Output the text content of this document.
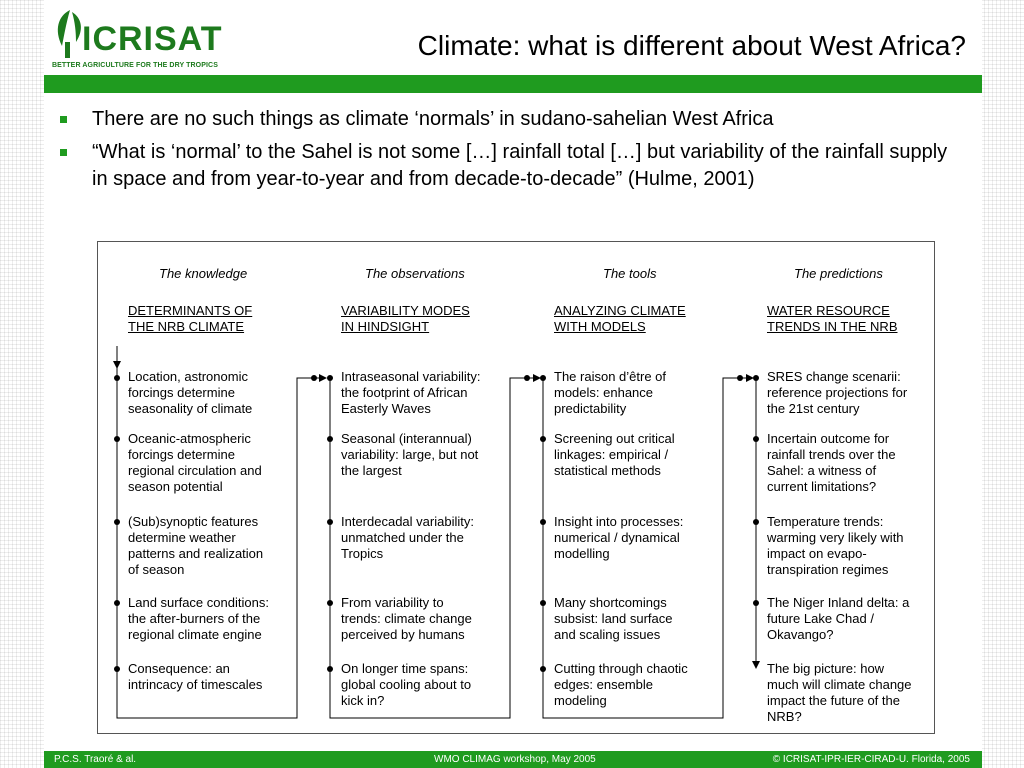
ICRISAT
BETTER AGRICULTURE FOR THE DRY TROPICS
Climate: what is different about West Africa?
There are no such things as climate ‘normals’ in sudano-sahelian West Africa
“What is ‘normal’ to the Sahel is not some […] rainfall total […] but variability of the rainfall supply in space and from year-to-year and from decade-to-decade” (Hulme, 2001)
The knowledge
DETERMINANTS OF
THE NRB CLIMATE
Location, astronomic
forcings determine
seasonality of climate
Oceanic-atmospheric
forcings determine
regional circulation and
season potential
(Sub)synoptic features
determine weather
patterns and realization
of season
Land surface conditions:
the after-burners of the
regional climate engine
Consequence: an
intrincacy of timescales
The observations
VARIABILITY MODES
IN HINDSIGHT
Intraseasonal variability:
the footprint of African
Easterly Waves
Seasonal (interannual)
variability: large, but not
the largest
Interdecadal variability:
unmatched under the
Tropics
From variability to
trends: climate change
perceived by humans
On longer time spans:
global cooling about to
kick in?
The tools
ANALYZING CLIMATE
WITH MODELS
The raison d’être of
models: enhance
predictability
Screening out critical
linkages: empirical /
statistical methods
Insight into processes:
numerical / dynamical
modelling
Many shortcomings
subsist: land surface
and scaling issues
Cutting through chaotic
edges: ensemble
modeling
The predictions
WATER RESOURCE
TRENDS IN THE NRB
SRES change scenarii:
reference projections for
the 21st century
Incertain outcome for
rainfall trends over the
Sahel: a witness of
current limitations?
Temperature trends:
warming very likely with
impact on evapo-
transpiration regimes
The Niger Inland delta: a
future Lake Chad /
Okavango?
The big picture: how
much will climate change
impact the future of the
NRB?
P.C.S. Traoré & al.	WMO CLIMAG workshop, May 2005	© ICRISAT-IPR-IER-CIRAD-U. Florida, 2005
